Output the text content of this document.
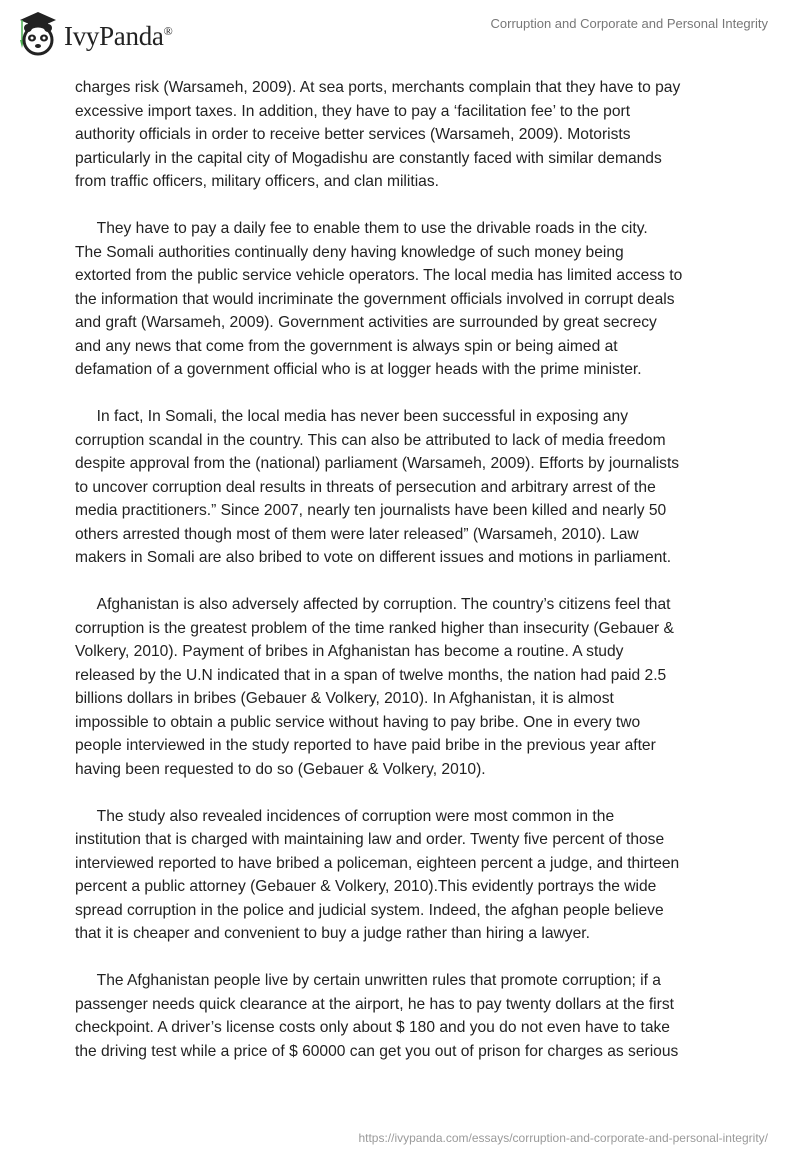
IvyPanda®	Corruption and Corporate and Personal Integrity

charges risk (Warsameh, 2009). At sea ports, merchants complain that they have to pay
excessive import taxes. In addition, they have to pay a ‘facilitation fee’ to the port
authority officials in order to receive better services (Warsameh, 2009). Motorists
particularly in the capital city of Mogadishu are constantly faced with similar demands
from traffic officers, military officers, and clan militias.

They have to pay a daily fee to enable them to use the drivable roads in the city.
The Somali authorities continually deny having knowledge of such money being
extorted from the public service vehicle operators. The local media has limited access to
the information that would incriminate the government officials involved in corrupt deals
and graft (Warsameh, 2009). Government activities are surrounded by great secrecy
and any news that come from the government is always spin or being aimed at
defamation of a government official who is at logger heads with the prime minister.

In fact, In Somali, the local media has never been successful in exposing any
corruption scandal in the country. This can also be attributed to lack of media freedom
despite approval from the (national) parliament (Warsameh, 2009). Efforts by journalists
to uncover corruption deal results in threats of persecution and arbitrary arrest of the
media practitioners.” Since 2007, nearly ten journalists have been killed and nearly 50
others arrested though most of them were later released” (Warsameh, 2010). Law
makers in Somali are also bribed to vote on different issues and motions in parliament.

Afghanistan is also adversely affected by corruption. The country’s citizens feel that
corruption is the greatest problem of the time ranked higher than insecurity (Gebauer &
Volkery, 2010). Payment of bribes in Afghanistan has become a routine. A study
released by the U.N indicated that in a span of twelve months, the nation had paid 2.5
billions dollars in bribes (Gebauer & Volkery, 2010). In Afghanistan, it is almost
impossible to obtain a public service without having to pay bribe. One in every two
people interviewed in the study reported to have paid bribe in the previous year after
having been requested to do so (Gebauer & Volkery, 2010).

The study also revealed incidences of corruption were most common in the
institution that is charged with maintaining law and order. Twenty five percent of those
interviewed reported to have bribed a policeman, eighteen percent a judge, and thirteen
percent a public attorney (Gebauer & Volkery, 2010).This evidently portrays the wide
spread corruption in the police and judicial system. Indeed, the afghan people believe
that it is cheaper and convenient to buy a judge rather than hiring a lawyer.

The Afghanistan people live by certain unwritten rules that promote corruption; if a
passenger needs quick clearance at the airport, he has to pay twenty dollars at the first
checkpoint. A driver’s license costs only about $ 180 and you do not even have to take
the driving test while a price of $ 60000 can get you out of prison for charges as serious

https://ivypanda.com/essays/corruption-and-corporate-and-personal-integrity/
